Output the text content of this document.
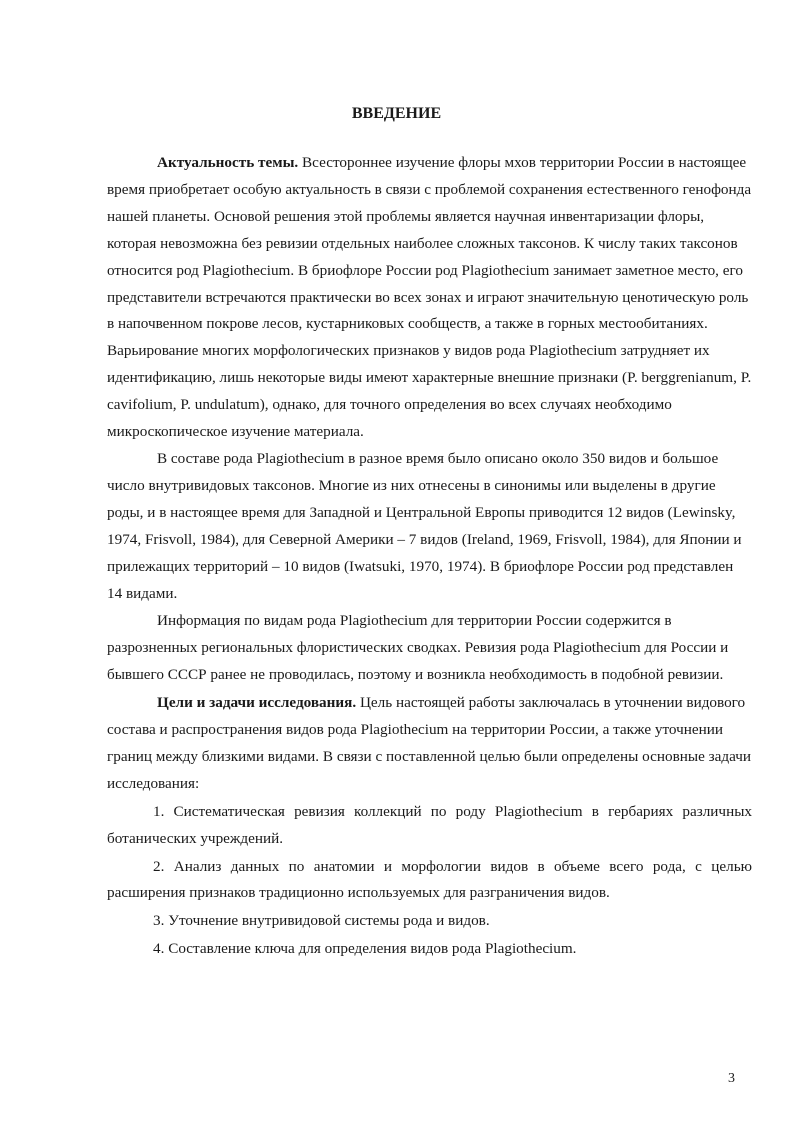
ВВЕДЕНИЕ

Актуальность темы. Всестороннее изучение флоры мхов территории России в настоящее время приобретает особую актуальность в связи с проблемой сохранения естественного генофонда нашей планеты. Основой решения этой проблемы является научная инвентаризации флоры, которая невозможна без ревизии отдельных наиболее сложных таксонов. К числу таких таксонов относится род Plagiothecium. В бриофлоре России род Plagiothecium занимает заметное место, его представители встречаются практически во всех зонах и играют значительную ценотическую роль в напочвенном покрове лесов, кустарниковых сообществ, а также в горных местообитаниях. Варьирование многих морфологических признаков у видов рода Plagiothecium затрудняет их идентификацию, лишь некоторые виды имеют характерные внешние признаки (P. berggrenianum, P. cavifolium, P. undulatum), однако, для точного определения во всех случаях необходимо микроскопическое изучение материала.

В составе рода Plagiothecium в разное время было описано около 350 видов и большое число внутривидовых таксонов. Многие из них отнесены в синонимы или выделены в другие роды, и в настоящее время для Западной и Центральной Европы приводится 12 видов (Lewinsky, 1974, Frisvoll, 1984), для Северной Америки – 7 видов (Ireland, 1969, Frisvoll, 1984), для Японии и прилежащих территорий – 10 видов (Iwatsuki, 1970, 1974). В бриофлоре России род представлен 14 видами.

Информация по видам рода Plagiothecium для территории России содержится в разрозненных региональных флористических сводках. Ревизия рода Plagiothecium для России и бывшего СССР ранее не проводилась, поэтому и возникла необходимость в подобной ревизии.

Цели и задачи исследования. Цель настоящей работы заключалась в уточнении видового состава и распространения видов рода Plagiothecium на территории России, а также уточнении границ между близкими видами. В связи с поставленной целью были определены основные задачи исследования:

1. Систематическая ревизия коллекций по роду Plagiothecium в гербариях различных ботанических учреждений.

2. Анализ данных по анатомии и морфологии видов в объеме всего рода, с целью расширения признаков традиционно используемых для разграничения видов.

3. Уточнение внутривидовой системы рода и видов.

4. Составление ключа для определения видов рода Plagiothecium.

3
